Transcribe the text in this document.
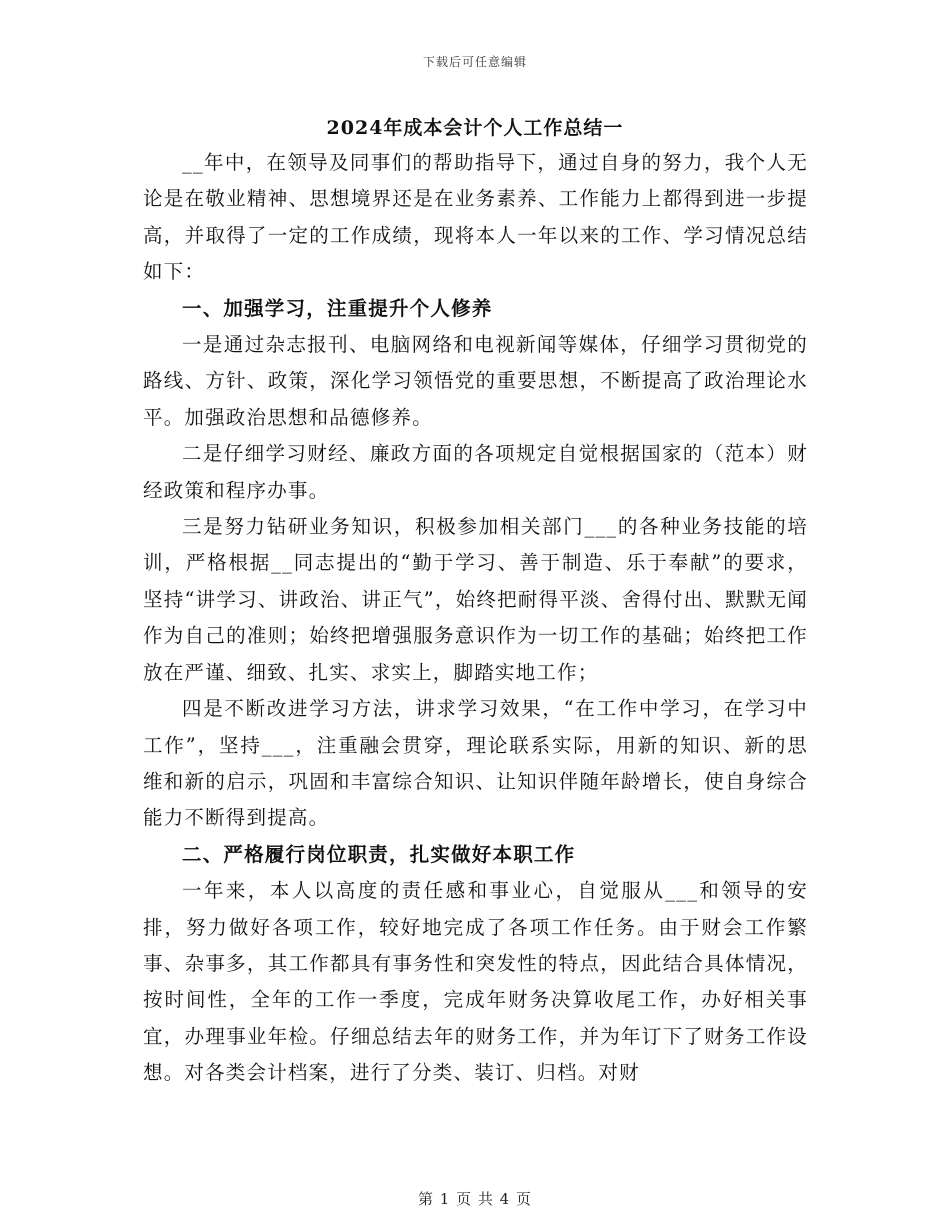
下载后可任意编辑
2024年成本会计个人工作总结一

__年中，在领导及同事们的帮助指导下，通过自身的努力，我个人无论是在敬业精神、思想境界还是在业务素养、工作能力上都得到进一步提高，并取得了一定的工作成绩，现将本人一年以来的工作、学习情况总结如下：

一、加强学习，注重提升个人修养

一是通过杂志报刊、电脑网络和电视新闻等媒体，仔细学习贯彻党的路线、方针、政策，深化学习领悟党的重要思想，不断提高了政治理论水平。加强政治思想和品德修养。

二是仔细学习财经、廉政方面的各项规定自觉根据国家的（范本）财经政策和程序办事。

三是努力钻研业务知识，积极参加相关部门___的各种业务技能的培训，严格根据__同志提出的“勤于学习、善于制造、乐于奉献”的要求，坚持“讲学习、讲政治、讲正气”，始终把耐得平淡、舍得付出、默默无闻作为自己的准则；始终把增强服务意识作为一切工作的基础；始终把工作放在严谨、细致、扎实、求实上，脚踏实地工作；

四是不断改进学习方法，讲求学习效果，“在工作中学习，在学习中工作”，坚持___，注重融会贯穿，理论联系实际，用新的知识、新的思维和新的启示，巩固和丰富综合知识、让知识伴随年龄增长，使自身综合能力不断得到提高。

二、严格履行岗位职责，扎实做好本职工作

一年来，本人以高度的责任感和事业心，自觉服从___和领导的安排，努力做好各项工作，较好地完成了各项工作任务。由于财会工作繁事、杂事多，其工作都具有事务性和突发性的特点，因此结合具体情况，按时间性，全年的工作一季度，完成年财务决算收尾工作，办好相关事宜，办理事业年检。仔细总结去年的财务工作，并为年订下了财务工作设想。对各类会计档案，进行了分类、装订、归档。对财

第 1 页 共 4 页
